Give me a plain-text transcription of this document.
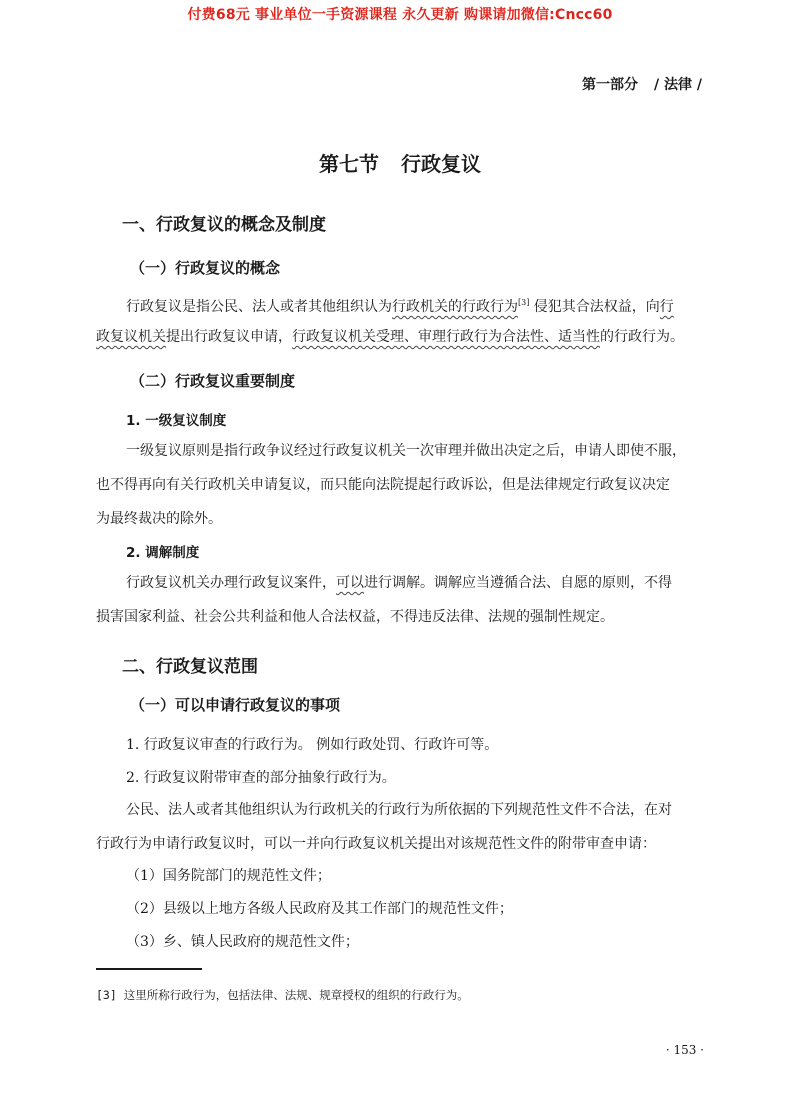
付费68元 事业单位一手资源课程 永久更新 购课请加微信:Cncc60
第一部分 / 法律 /
第七节 行政复议
一、行政复议的概念及制度
（一）行政复议的概念
行政复议是指公民、法人或者其他组织认为行政机关的行政行为[3] 侵犯其合法权益，向行
政复议机关提出行政复议申请，行政复议机关受理、审理行政行为合法性、适当性的行政行为。
（二）行政复议重要制度
1. 一级复议制度
一级复议原则是指行政争议经过行政复议机关一次审理并做出决定之后，申请人即使不服，
也不得再向有关行政机关申请复议，而只能向法院提起行政诉讼，但是法律规定行政复议决定
为最终裁决的除外。
2. 调解制度
行政复议机关办理行政复议案件，可以进行调解。调解应当遵循合法、自愿的原则，不得
损害国家利益、社会公共利益和他人合法权益，不得违反法律、法规的强制性规定。
二、行政复议范围
（一）可以申请行政复议的事项
1. 行政复议审查的行政行为。 例如行政处罚、行政许可等。
2. 行政复议附带审查的部分抽象行政行为。
公民、法人或者其他组织认为行政机关的行政行为所依据的下列规范性文件不合法，在对
行政行为申请行政复议时，可以一并向行政复议机关提出对该规范性文件的附带审查申请：
（1）国务院部门的规范性文件；
（2）县级以上地方各级人民政府及其工作部门的规范性文件；
（3）乡、镇人民政府的规范性文件；
[3] 这里所称行政行为，包括法律、法规、规章授权的组织的行政行为。
· 153 ·
